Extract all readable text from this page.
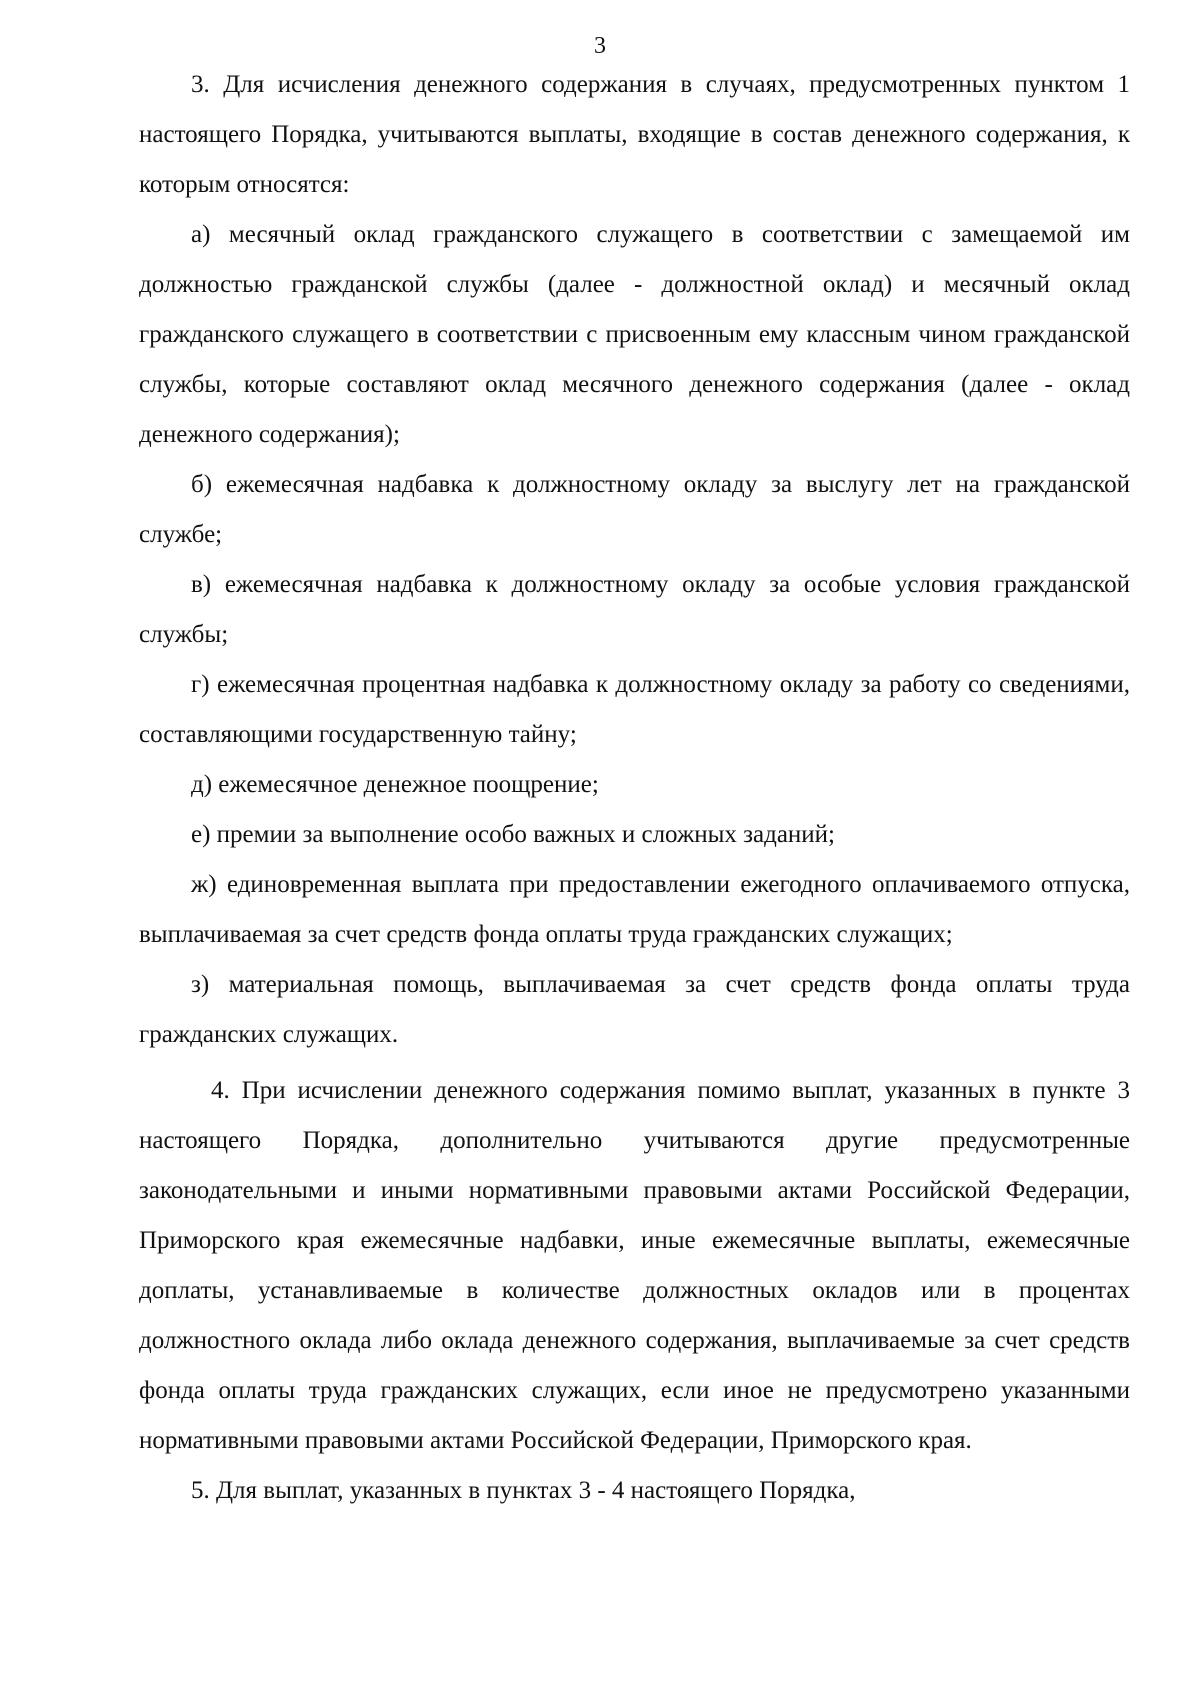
3

3. Для исчисления денежного содержания в случаях, предусмотренных пунктом 1 настоящего Порядка, учитываются выплаты, входящие в состав денежного содержания, к которым относятся:

а) месячный оклад гражданского служащего в соответствии с замещаемой им должностью гражданской службы (далее - должностной оклад) и месячный оклад гражданского служащего в соответствии с присвоенным ему классным чином гражданской службы, которые составляют оклад месячного денежного содержания (далее - оклад денежного содержания);

б) ежемесячная надбавка к должностному окладу за выслугу лет на гражданской службе;

в) ежемесячная надбавка к должностному окладу за особые условия гражданской службы;

г) ежемесячная процентная надбавка к должностному окладу за работу со сведениями, составляющими государственную тайну;

д) ежемесячное денежное поощрение;

е) премии за выполнение особо важных и сложных заданий;

ж) единовременная выплата при предоставлении ежегодного оплачиваемого отпуска, выплачиваемая за счет средств фонда оплаты труда гражданских служащих;

з) материальная помощь, выплачиваемая за счет средств фонда оплаты труда гражданских служащих.

4. При исчислении денежного содержания помимо выплат, указанных в пункте 3 настоящего Порядка, дополнительно учитываются другие предусмотренные законодательными и иными нормативными правовыми актами Российской Федерации, Приморского края ежемесячные надбавки, иные ежемесячные выплаты, ежемесячные доплаты, устанавливаемые в количестве должностных окладов или в процентах должностного оклада либо оклада денежного содержания, выплачиваемые за счет средств фонда оплаты труда гражданских служащих, если иное не предусмотрено указанными нормативными правовыми актами Российской Федерации, Приморского края.

5. Для выплат, указанных в пунктах 3 - 4 настоящего Порядка,
